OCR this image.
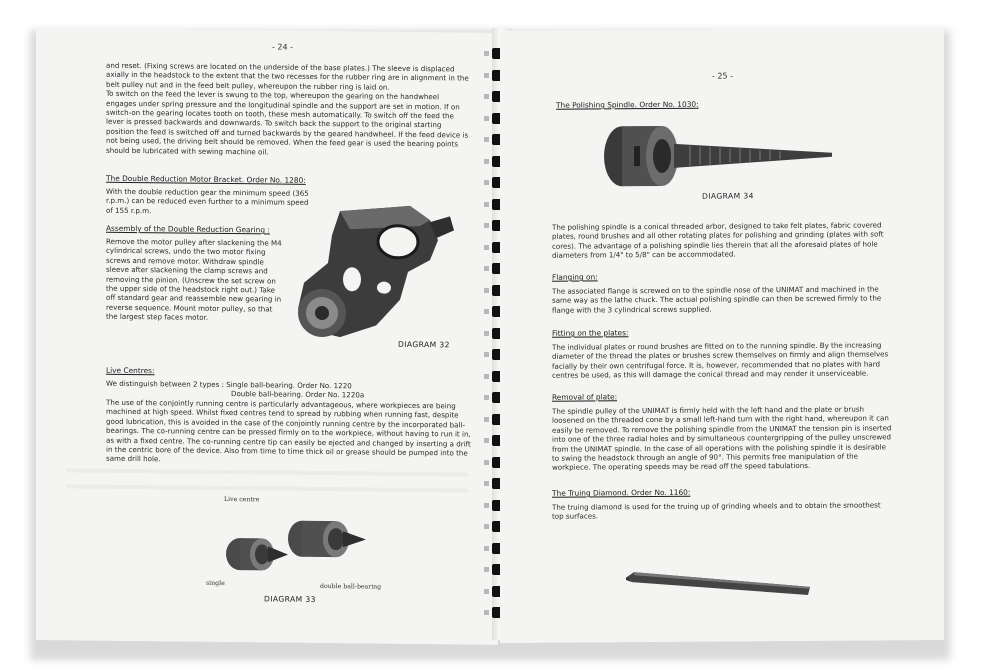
- 24 -

and reset. (Fixing screws are located on the underside of the base plates.) The sleeve is displaced axially in the headstock to the extent that the two recesses for the rubber ring are in alignment in the belt pulley nut and in the feed belt pulley, whereupon the rubber ring is laid on.

To switch on the feed the lever is swung to the top, whereupon the gearing on the handwheel engages under spring pressure and the longitudinal spindle and the support are set in motion. If on switch-on the gearing locates tooth on tooth, these mesh automatically. To switch off the feed the lever is pressed backwards and downwards. To switch back the support to the original starting position the feed is switched off and turned backwards by the geared handwheel. If the feed device is not being used, the driving belt should be removed. When the feed gear is used the bearing points should be lubricated with sewing machine oil.

The Double Reduction Motor Bracket. Order No. 1280:
With the double reduction gear the minimum speed (365 r.p.m.) can be reduced even further to a minimum speed of 155 r.p.m.
Assembly of the Double Reduction Gearing :
Remove the motor pulley after slackening the M4 cylindrical screws, undo the two motor fixing screws and remove motor. Withdraw spindle sleeve after slackening the clamp screws and removing the pinion. (Unscrew the set screw on the upper side of the headstock right out.) Take off standard gear and reassemble new gearing in reverse sequence. Mount motor pulley, so that the largest step faces motor.
DIAGRAM 32
Live Centres:

We distinguish between 2 types : Single ball-bearing. Order No. 1220

Double ball-bearing. Order No. 1220a

The use of the conjointly running centre is particularly advantageous, where workpieces are being machined at high speed. Whilst fixed centres tend to spread by rubbing when running fast, despite good lubrication, this is avoided in the case of the conjointly running centre by the incorporated ball-bearings. The co-running centre can be pressed firmly on to the workpiece, without having to run it in, as with a fixed centre. The co-running centre tip can easily be ejected and changed by inserting a drift in the centric bore of the device. Also from time to time thick oil or grease should be pumped into the same drill hole.
Live centre
single	double ball-bearing
DIAGRAM 33
- 25 -
The Polishing Spindle. Order No. 1030:
DIAGRAM 34
The polishing spindle is a conical threaded arbor, designed to take felt plates, fabric covered plates, round brushes and all other rotating plates for polishing and grinding (plates with soft cores). The advantage of a polishing spindle lies therein that all the aforesaid plates of hole diameters from 1/4" to 5/8" can be accommodated.
Flanging on:
The associated flange is screwed on to the spindle nose of the UNIMAT and machined in the same way as the lathe chuck. The actual polishing spindle can then be screwed firmly to the flange with the 3 cylindrical screws supplied.
Fitting on the plates:
The individual plates or round brushes are fitted on to the running spindle. By the increasing diameter of the thread the plates or brushes screw themselves on firmly and align themselves facially by their own centrifugal force. It is, however, recommended that no plates with hard centres be used, as this will damage the conical thread and may render it unserviceable.
Removal of plate:
The spindle pulley of the UNIMAT is firmly held with the left hand and the plate or brush loosened on the threaded cone by a small left-hand turn with the right hand, whereupon it can easily be removed. To remove the polishing spindle from the UNIMAT the tension pin is inserted into one of the three radial holes and by simultaneous countergripping of the pulley unscrewed from the UNIMAT spindle. In the case of all operations with the polishing spindle it is desirable to swing the headstock through an angle of 90°. This permits free manipulation of the workpiece. The operating speeds may be read off the speed tabulations.
The Truing Diamond. Order No. 1160:
The truing diamond is used for the truing up of grinding wheels and to obtain the smoothest top surfaces.
